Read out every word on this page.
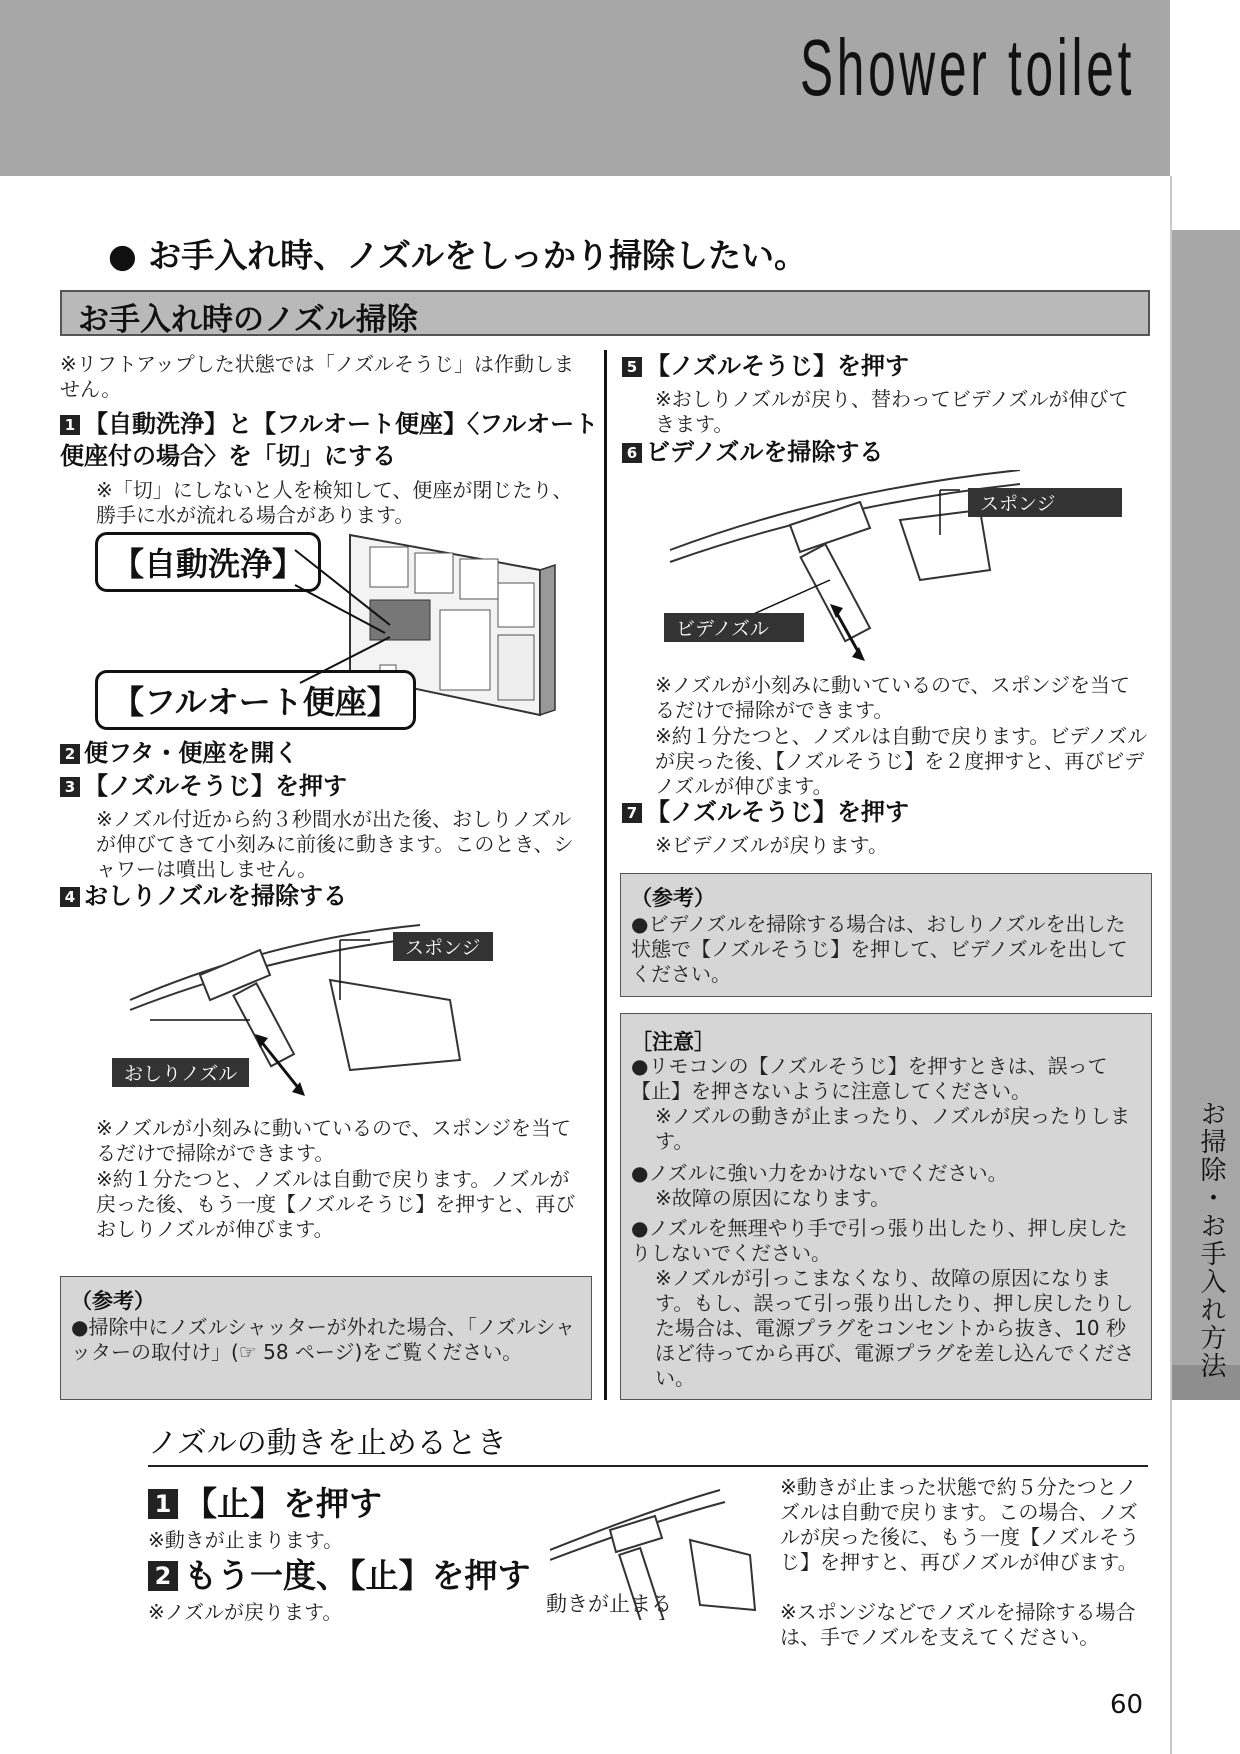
Shower toilet
お掃除・お手入れ方法
● お手入れ時、ノズルをしっかり掃除したい。
お手入れ時のノズル掃除
※リフトアップした状態では「ノズルそうじ」は作動しません。
1 【自動洗浄】と【フルオート便座】〈フルオート便座付の場合〉を「切」にする
※「切」にしないと人を検知して、便座が閉じたり、勝手に水が流れる場合があります。
【自動洗浄】
【フルオート便座】
2 便フタ・便座を開く
3 【ノズルそうじ】を押す
※ノズル付近から約３秒間水が出た後、おしりノズルが伸びてきて小刻みに前後に動きます。このとき、シャワーは噴出しません。
4 おしりノズルを掃除する
スポンジ
おしりノズル
※ノズルが小刻みに動いているので、スポンジを当てるだけで掃除ができます。
※約１分たつと、ノズルは自動で戻ります。ノズルが戻った後、もう一度【ノズルそうじ】を押すと、再びおしりノズルが伸びます。
（参考）
●掃除中にノズルシャッターが外れた場合、「ノズルシャッターの取付け」(☞ 58 ページ)をご覧ください。
5 【ノズルそうじ】を押す
※おしりノズルが戻り、替わってビデノズルが伸びてきます。
6 ビデノズルを掃除する
スポンジ
ビデノズル
※ノズルが小刻みに動いているので、スポンジを当てるだけで掃除ができます。
※約１分たつと、ノズルは自動で戻ります。ビデノズルが戻った後、【ノズルそうじ】を２度押すと、再びビデノズルが伸びます。
7 【ノズルそうじ】を押す
※ビデノズルが戻ります。
（参考）
●ビデノズルを掃除する場合は、おしりノズルを出した状態で【ノズルそうじ】を押して、ビデノズルを出してください。
［注意］
●リモコンの【ノズルそうじ】を押すときは、誤って【止】を押さないように注意してください。
※ノズルの動きが止まったり、ノズルが戻ったりします。
●ノズルに強い力をかけないでください。
※故障の原因になります。
●ノズルを無理やり手で引っ張り出したり、押し戻したりしないでください。
※ノズルが引っこまなくなり、故障の原因になります。もし、誤って引っ張り出したり、押し戻したりした場合は、電源プラグをコンセントから抜き、10 秒ほど待ってから再び、電源プラグを差し込んでください。
ノズルの動きを止めるとき
1 【止】を押す
※動きが止まります。
2 もう一度、【止】を押す
※ノズルが戻ります。	動きが止まる
※動きが止まった状態で約５分たつとノズルは自動で戻ります。この場合、ノズルが戻った後に、もう一度【ノズルそうじ】を押すと、再びノズルが伸びます。
※スポンジなどでノズルを掃除する場合は、手でノズルを支えてください。
60
